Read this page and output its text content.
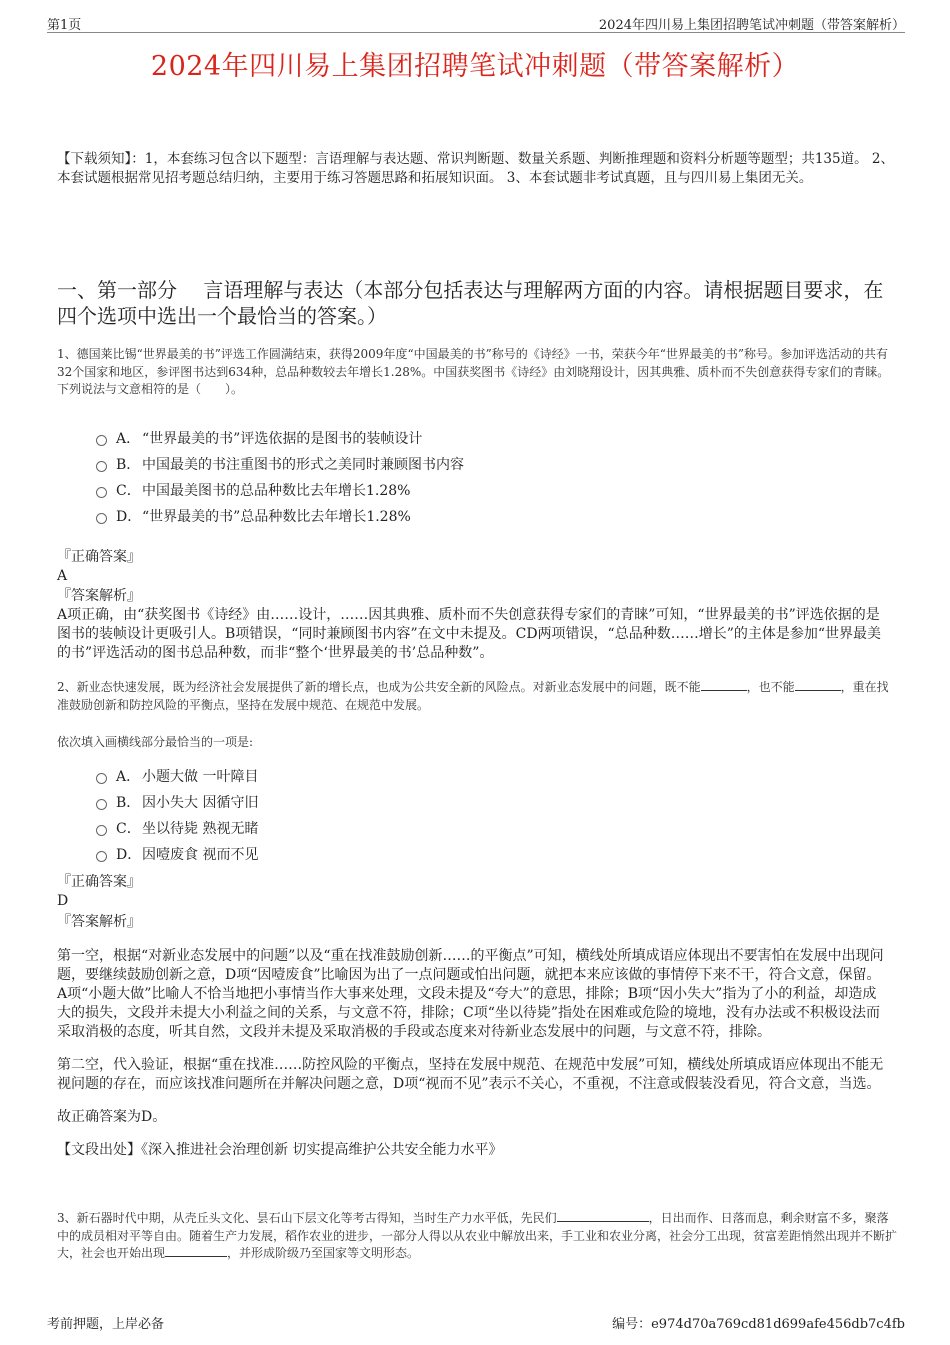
第1页	2024年四川易上集团招聘笔试冲刺题（带答案解析）
2024年四川易上集团招聘笔试冲刺题（带答案解析）
【下载须知】：1，本套练习包含以下题型：言语理解与表达题、常识判断题、数量关系题、判断推理题和资料分析题等题型；共135道。 2、本套试题根据常见招考题总结归纳，主要用于练习答题思路和拓展知识面。 3、本套试题非考试真题，且与四川易上集团无关。
一、第一部分　 言语理解与表达（本部分包括表达与理解两方面的内容。请根据题目要求，在四个选项中选出一个最恰当的答案。）
1、德国莱比锡“世界最美的书”评选工作圆满结束，获得2009年度“中国最美的书”称号的《诗经》一书，荣获今年“世界最美的书”称号。参加评选活动的共有32个国家和地区，参评图书达到634种，总品种数较去年增长1.28%。中国获奖图书《诗经》由刘晓翔设计，因其典雅、质朴而不失创意获得专家们的青睐。
下列说法与文意相符的是（　　）。
A． “世界最美的书”评选依据的是图书的装帧设计
B． 中国最美的书注重图书的形式之美同时兼顾图书内容
C． 中国最美图书的总品种数比去年增长1.28%
D． “世界最美的书”总品种数比去年增长1.28%
『正确答案』
A
『答案解析』
A项正确，由“获奖图书《诗经》由……设计，……因其典雅、质朴而不失创意获得专家们的青睐”可知，“世界最美的书”评选依据的是图书的装帧设计更吸引人。B项错误，“同时兼顾图书内容”在文中未提及。CD两项错误，“总品种数……增长”的主体是参加“世界最美的书”评选活动的图书总品种数，而非“整个‘世界最美的书’总品种数”。
2、新业态快速发展，既为经济社会发展提供了新的增长点，也成为公共安全新的风险点。对新业态发展中的问题，既不能	，也不能	，重在找准鼓励创新和防控风险的平衡点，坚持在发展中规范、在规范中发展。
依次填入画横线部分最恰当的一项是:
A． 小题大做 一叶障目
B． 因小失大 因循守旧
C． 坐以待毙 熟视无睹
D． 因噎废食 视而不见
『正确答案』
D
『答案解析』

第一空，根据“对新业态发展中的问题”以及“重在找准鼓励创新……的平衡点”可知，横线处所填成语应体现出不要害怕在发展中出现问题，要继续鼓励创新之意，D项“因噎废食”比喻因为出了一点问题或怕出问题，就把本来应该做的事情停下来不干，符合文意，保留。A项“小题大做”比喻人不恰当地把小事情当作大事来处理，文段未提及“夸大”的意思，排除；B项“因小失大”指为了小的利益，却造成大的损失，文段并未提大小利益之间的关系，与文意不符，排除；C项“坐以待毙”指处在困难或危险的境地，没有办法或不积极设法而采取消极的态度，听其自然，文段并未提及采取消极的手段或态度来对待新业态发展中的问题，与文意不符，排除。

第二空，代入验证，根据“重在找准……防控风险的平衡点，坚持在发展中规范、在规范中发展”可知，横线处所填成语应体现出不能无视问题的存在，而应该找准问题所在并解决问题之意，D项“视而不见”表示不关心，不重视，不注意或假装没看见，符合文意，当选。

故正确答案为D。

【文段出处】《深入推进社会治理创新 切实提高维护公共安全能力水平》

3、新石器时代中期，从壳丘头文化、昙石山下层文化等考古得知，当时生产力水平低，先民们	，日出而作、日落而息，剩余财富不多，聚落中的成员相对平等自由。随着生产力发展，稻作农业的进步，一部分人得以从农业中解放出来，手工业和农业分离，社会分工出现，贫富差距悄然出现并不断扩大，社会也开始出现	，并形成阶级乃至国家等文明形态。
考前押题，上岸必备	编号：e974d70a769cd81d699afe456db7c4fb
